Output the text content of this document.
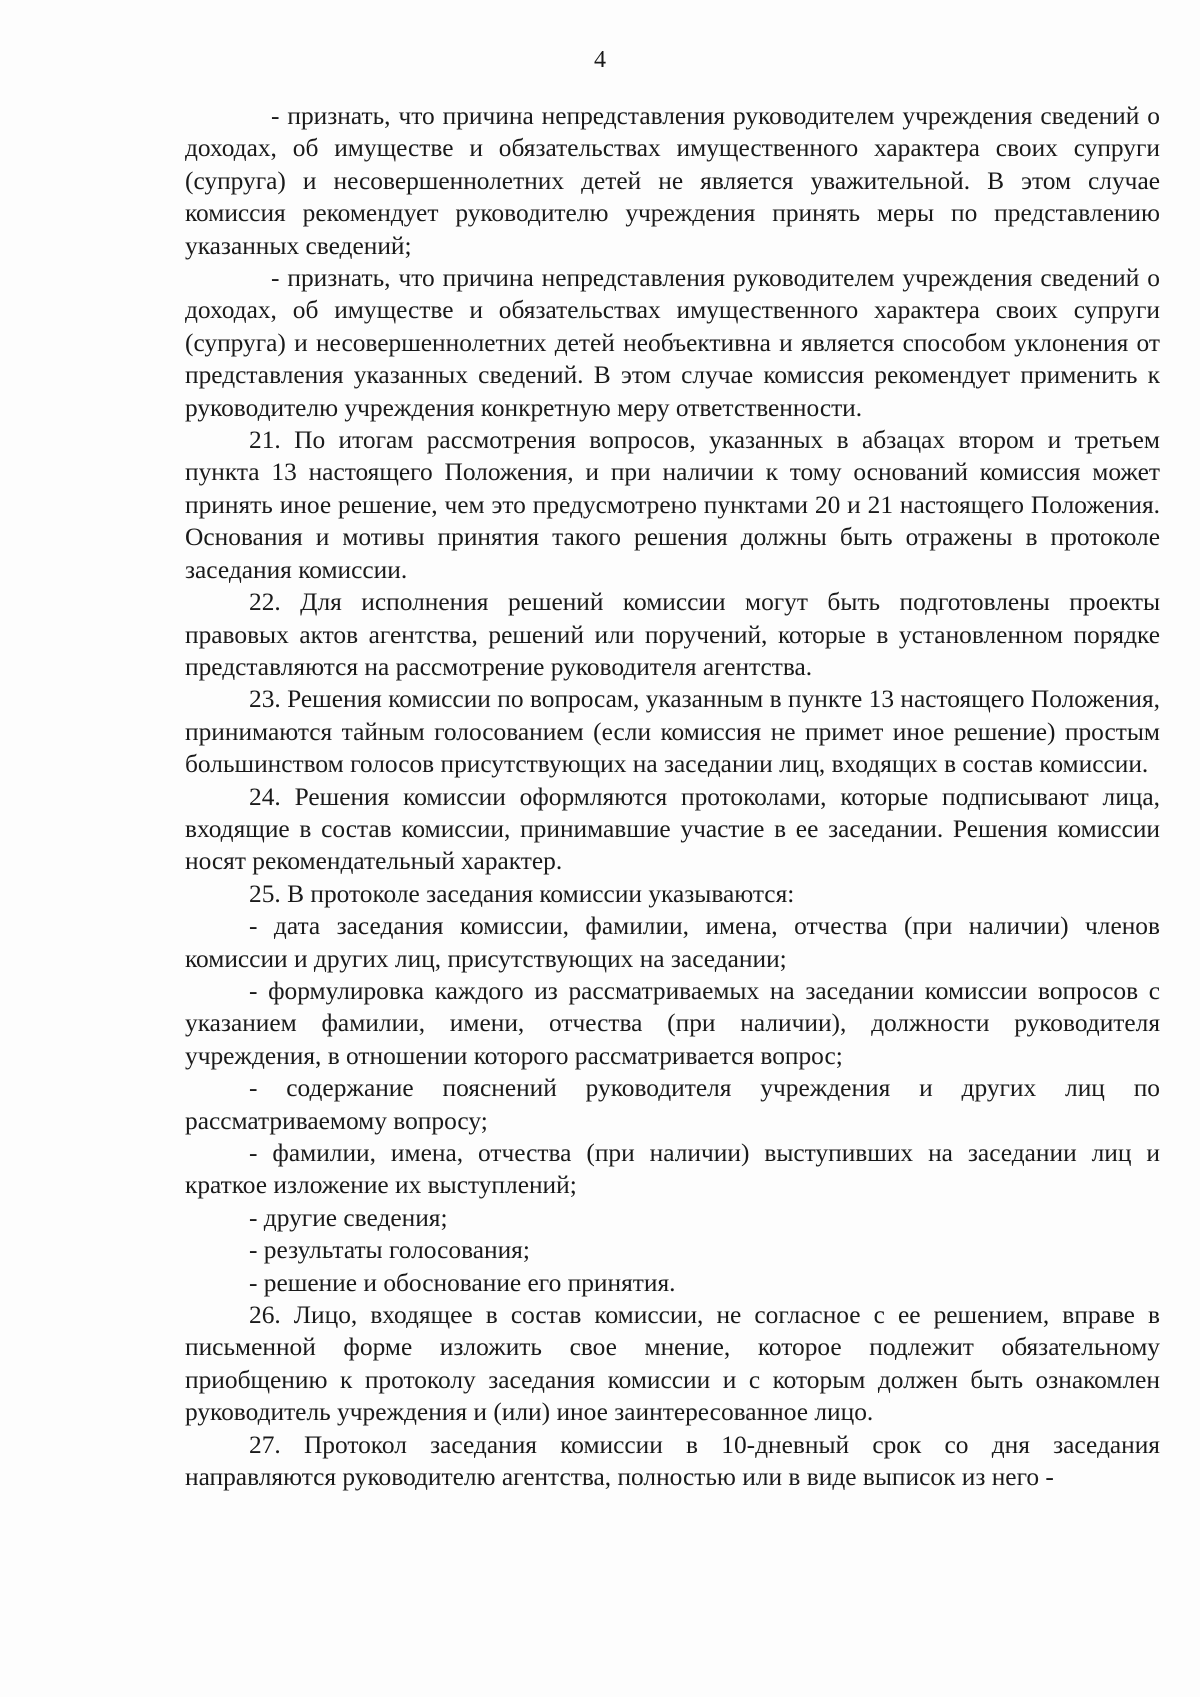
4

- признать, что причина непредставления руководителем учреждения сведений о доходах, об имуществе и обязательствах имущественного характера своих супруги (супруга) и несовершеннолетних детей не является уважительной. В этом случае комиссия рекомендует руководителю учреждения принять меры по представлению указанных сведений;

- признать, что причина непредставления руководителем учреждения сведений о доходах, об имуществе и обязательствах имущественного характера своих супруги (супруга) и несовершеннолетних детей необъективна и является способом уклонения от представления указанных сведений. В этом случае комиссия рекомендует применить к руководителю учреждения конкретную меру ответственности.

21. По итогам рассмотрения вопросов, указанных в абзацах втором и третьем пункта 13 настоящего Положения, и при наличии к тому оснований комиссия может принять иное решение, чем это предусмотрено пунктами 20 и 21 настоящего Положения. Основания и мотивы принятия такого решения должны быть отражены в протоколе заседания комиссии.

22. Для исполнения решений комиссии могут быть подготовлены проекты правовых актов агентства, решений или поручений, которые в установленном порядке представляются на рассмотрение руководителя агентства.

23. Решения комиссии по вопросам, указанным в пункте 13 настоящего Положения, принимаются тайным голосованием (если комиссия не примет иное решение) простым большинством голосов присутствующих на заседании лиц, входящих в состав комиссии.

24. Решения комиссии оформляются протоколами, которые подписывают лица, входящие в состав комиссии, принимавшие участие в ее заседании. Решения комиссии носят рекомендательный характер.

25. В протоколе заседания комиссии указываются:

- дата заседания комиссии, фамилии, имена, отчества (при наличии) членов комиссии и других лиц, присутствующих на заседании;

- формулировка каждого из рассматриваемых на заседании комиссии вопросов с указанием фамилии, имени, отчества (при наличии), должности руководителя учреждения, в отношении которого рассматривается вопрос;

- содержание пояснений руководителя учреждения и других лиц по рассматриваемому вопросу;

- фамилии, имена, отчества (при наличии) выступивших на заседании лиц и краткое изложение их выступлений;

- другие сведения;

- результаты голосования;

- решение и обоснование его принятия.

26. Лицо, входящее в состав комиссии, не согласное с ее решением, вправе в письменной форме изложить свое мнение, которое подлежит обязательному приобщению к протоколу заседания комиссии и с которым должен быть ознакомлен руководитель учреждения и (или) иное заинтересованное лицо.

27. Протокол заседания комиссии в 10-дневный срок со дня заседания направляются руководителю агентства, полностью или в виде выписок из него -
